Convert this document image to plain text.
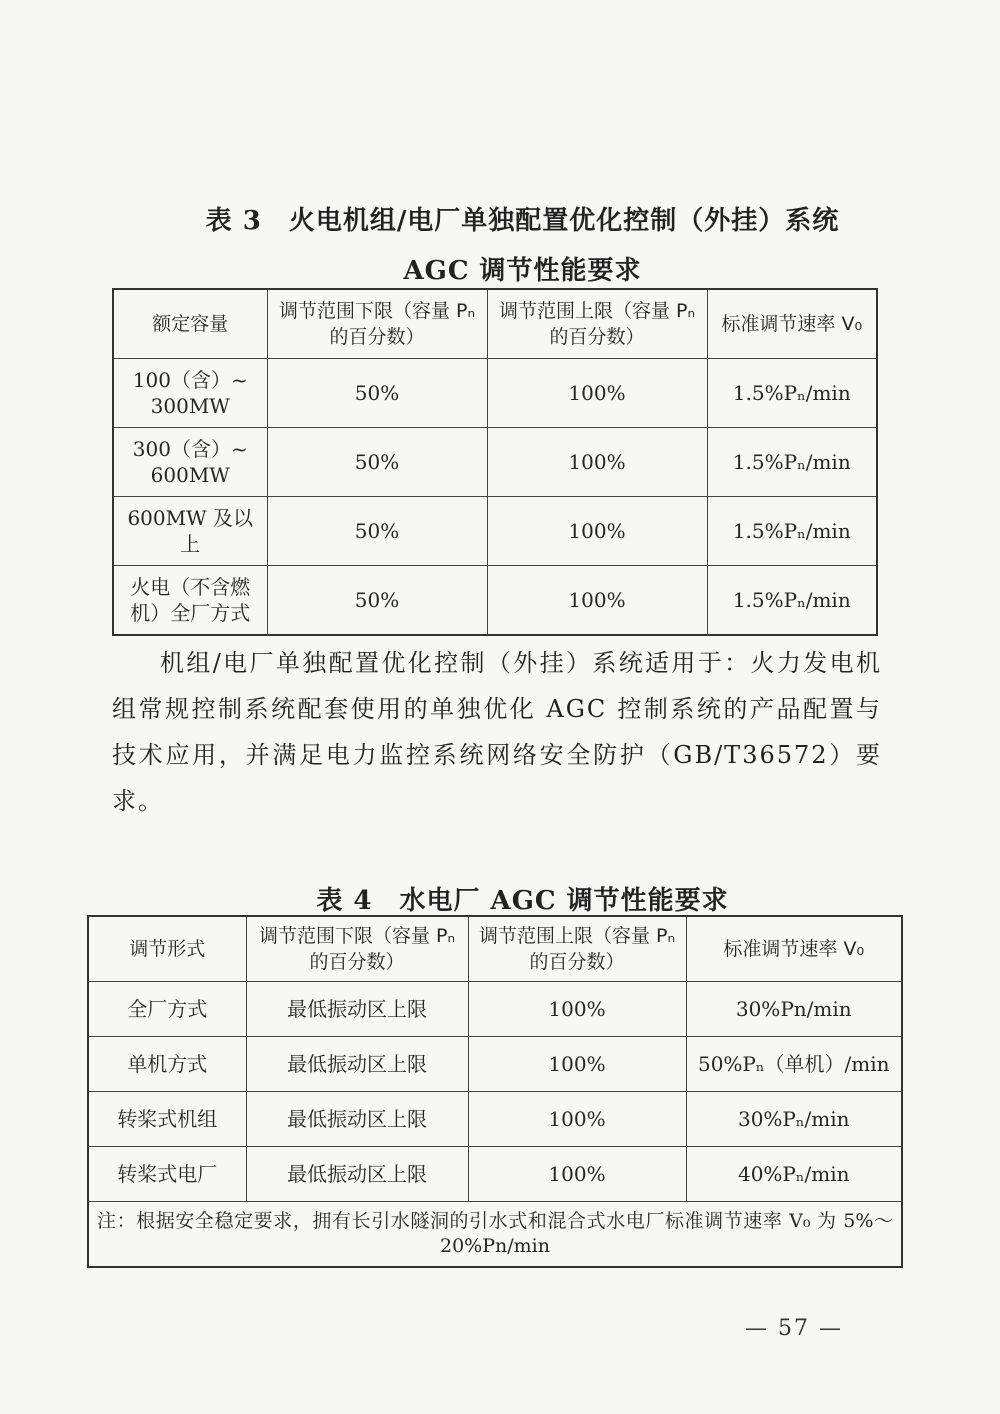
表 3　火电机组/电厂单独配置优化控制（外挂）系统
AGC 调节性能要求
额定容量	调节范围下限（容量 Pₙ 的百分数）	调节范围上限（容量 Pₙ 的百分数）	标准调节速率 V₀
100（含）~ 300MW	50%	100%	1.5%Pₙ/min
300（含）~ 600MW	50%	100%	1.5%Pₙ/min
600MW 及以上	50%	100%	1.5%Pₙ/min
火电（不含燃机）全厂方式	50%	100%	1.5%Pₙ/min
机组/电厂单独配置优化控制（外挂）系统适用于：火力发电机组常规控制系统配套使用的单独优化 AGC 控制系统的产品配置与技术应用，并满足电力监控系统网络安全防护（GB/T36572）要求。
表 4　水电厂 AGC 调节性能要求
调节形式	调节范围下限（容量 Pₙ 的百分数）	调节范围上限（容量 Pₙ 的百分数）	标准调节速率 V₀
全厂方式	最低振动区上限	100%	30%Pn/min
单机方式	最低振动区上限	100%	50%Pₙ（单机）/min
转桨式机组	最低振动区上限	100%	30%Pₙ/min
转桨式电厂	最低振动区上限	100%	40%Pₙ/min
注：根据安全稳定要求，拥有长引水隧洞的引水式和混合式水电厂标准调节速率 V₀ 为 5%～20%Pn/min			
— 57 —
